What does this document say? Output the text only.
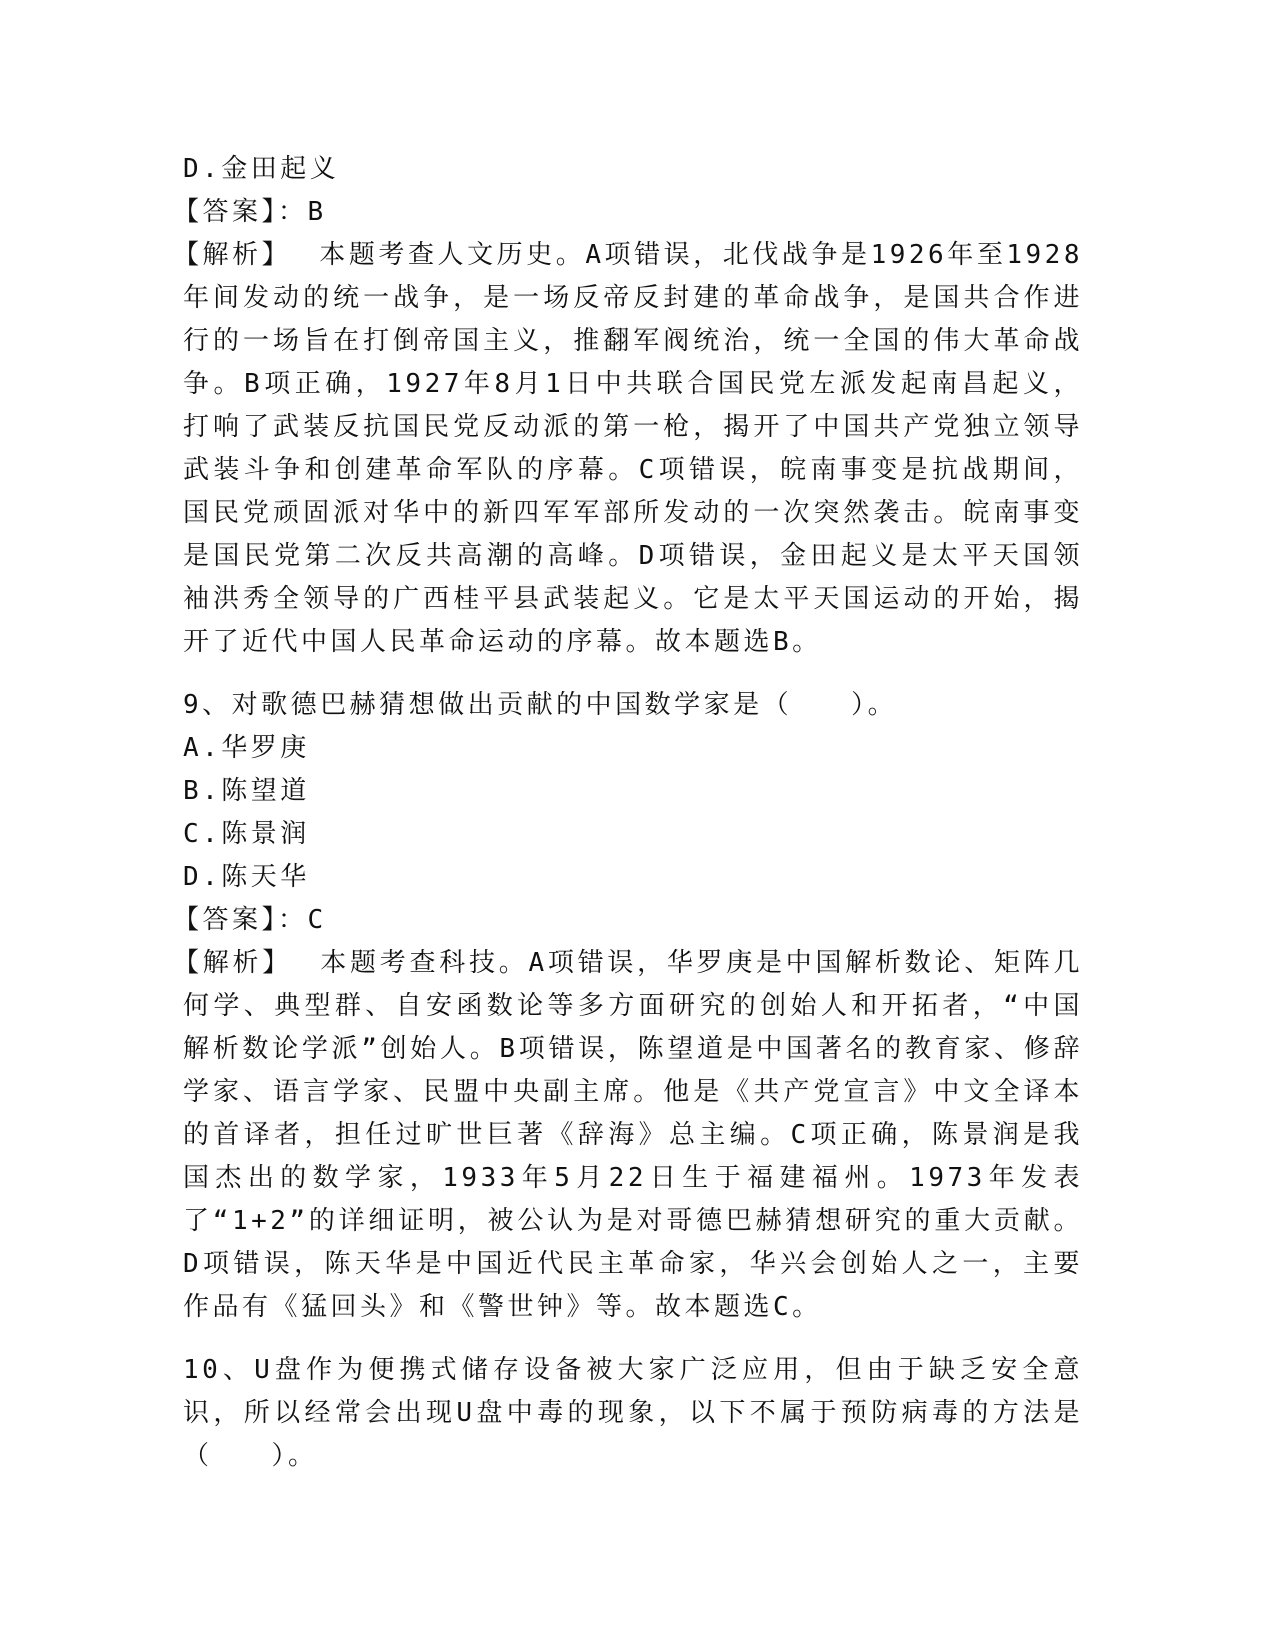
D.金田起义
【答案】：B
【解析】 本题考查人文历史。A项错误，北伐战争是1926年至1928年间发动的统一战争，是一场反帝反封建的革命战争，是国共合作进行的一场旨在打倒帝国主义，推翻军阀统治，统一全国的伟大革命战争。B项正确，1927年8月1日中共联合国民党左派发起南昌起义，打响了武装反抗国民党反动派的第一枪，揭开了中国共产党独立领导武装斗争和创建革命军队的序幕。C项错误，皖南事变是抗战期间，国民党顽固派对华中的新四军军部所发动的一次突然袭击。皖南事变是国民党第二次反共高潮的高峰。D项错误，金田起义是太平天国领袖洪秀全领导的广西桂平县武装起义。它是太平天国运动的开始，揭开了近代中国人民革命运动的序幕。故本题选B。
9、对歌德巴赫猜想做出贡献的中国数学家是（　　）。
A.华罗庚
B.陈望道
C.陈景润
D.陈天华
【答案】：C
【解析】 本题考查科技。A项错误，华罗庚是中国解析数论、矩阵几何学、典型群、自安函数论等多方面研究的创始人和开拓者，“中国解析数论学派”创始人。B项错误，陈望道是中国著名的教育家、修辞学家、语言学家、民盟中央副主席。他是《共产党宣言》中文全译本的首译者，担任过旷世巨著《辞海》总主编。C项正确，陈景润是我国杰出的数学家，1933年5月22日生于福建福州。1973年发表了“1+2”的详细证明，被公认为是对哥德巴赫猜想研究的重大贡献。D项错误，陈天华是中国近代民主革命家，华兴会创始人之一，主要作品有《猛回头》和《警世钟》等。故本题选C。
10、U盘作为便携式储存设备被大家广泛应用，但由于缺乏安全意识，所以经常会出现U盘中毒的现象，以下不属于预防病毒的方法是（　　）。
